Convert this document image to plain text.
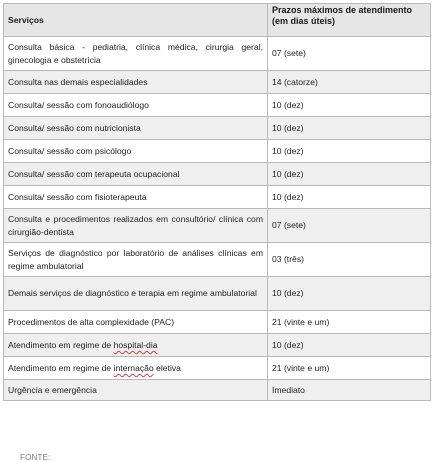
Serviços	Prazos máximos de atendimento (em dias úteis)
Consulta básica - pediatria, clínica médica, cirurgia geral, ginecologia e obstetrícia	07 (sete)
Consulta nas demais especialidades	14 (catorze)
Consulta/ sessão com fonoaudiólogo	10 (dez)
Consulta/ sessão com nutricionista	10 (dez)
Consulta/ sessão com psicólogo	10 (dez)
Consulta/ sessão com terapeuta ocupacional	10 (dez)
Consulta/ sessão com fisioterapeuta	10 (dez)
Consulta e procedimentos realizados em consultório/ clínica com cirurgião-dentista	07 (sete)
Serviços de diagnóstico por laboratório de análises clínicas em regime ambulatorial	03 (três)
Demais serviços de diagnóstico e terapia em regime ambulatorial	10 (dez)
Procedimentos de alta complexidade (PAC)	21 (vinte e um)
Atendimento em regime de hospital-dia	10 (dez)
Atendimento em regime de internação eletiva	21 (vinte e um)
Urgência e emergência	Imediato
FONTE:
